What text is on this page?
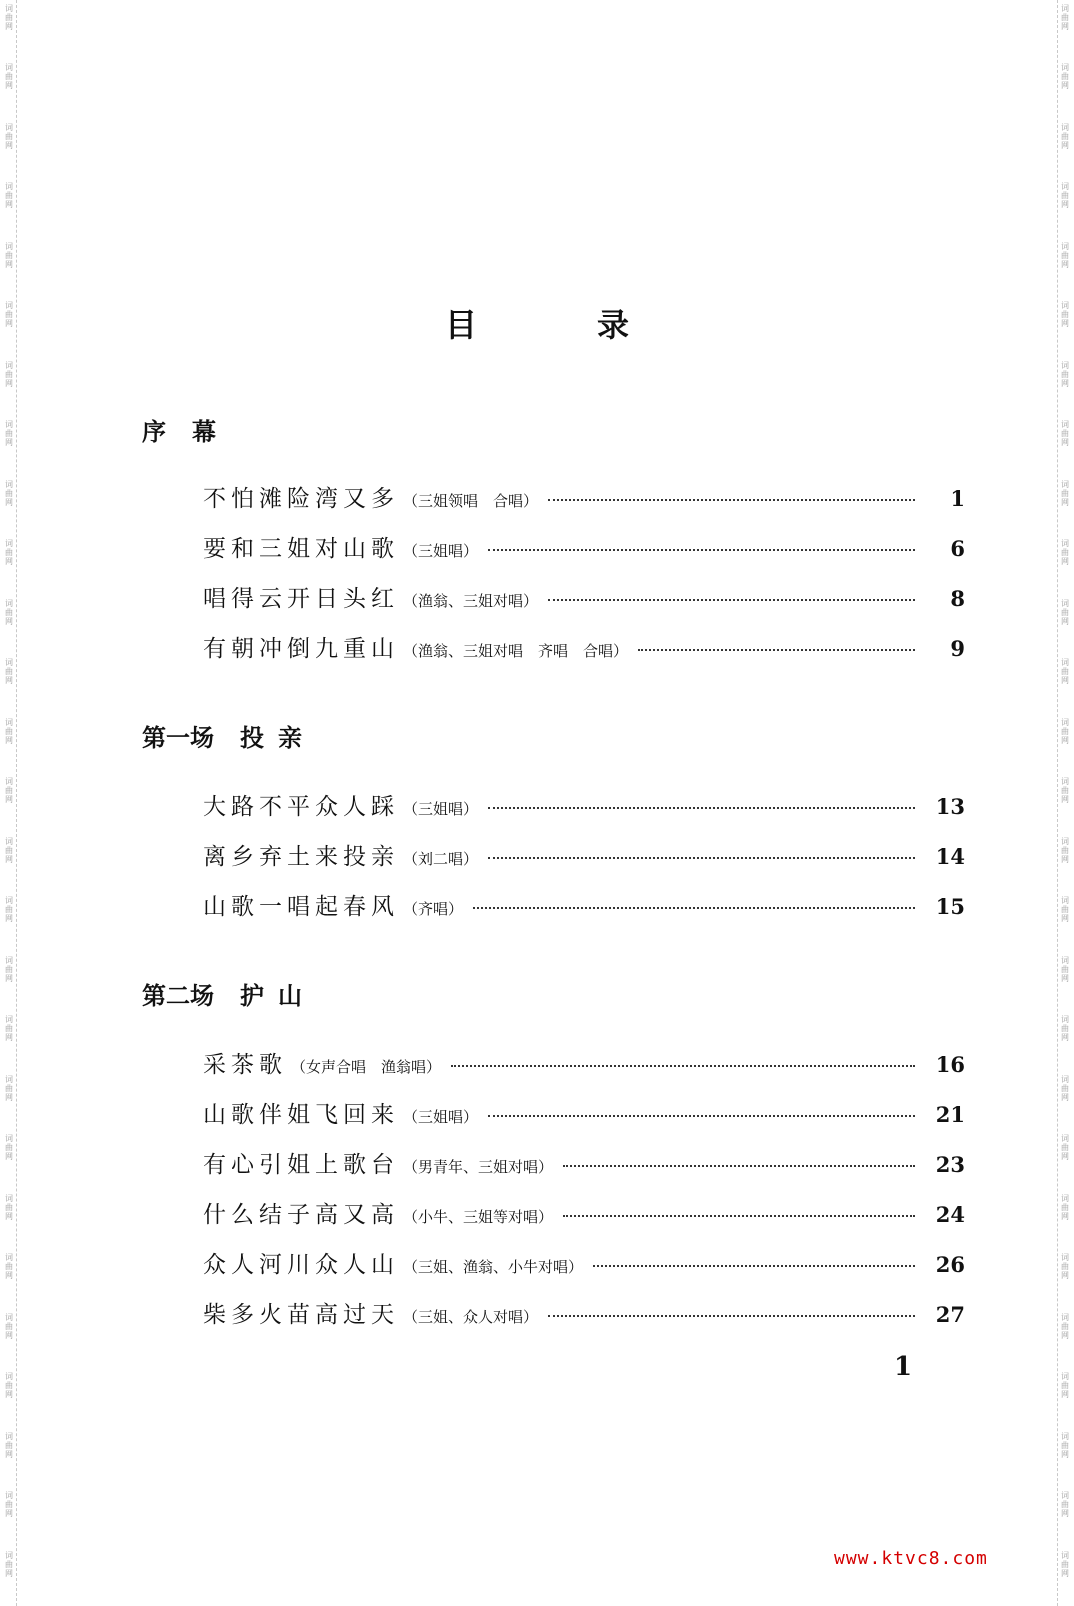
词
曲
网
词
曲
网
词
曲
网
词
曲
网
词
曲
网
词
曲
网
词
曲
网
词
曲
网
词
曲
网
词
曲
网
词
曲
网
词
曲
网
词
曲
网
词
曲
网
词
曲
网
词
曲
网
词
曲
网
词
曲
网
词
曲
网
词
曲
网
词
曲
网
词
曲
网
词
曲
网
词
曲
网
词
曲
网
词
曲
网
词
曲
网
词
曲
网
词
曲
网
词
曲
网
词
曲
网
词
曲
网
词
曲
网
词
曲
网
词
曲
网
词
曲
网
词
曲
网
词
曲
网
词
曲
网
词
曲
网
词
曲
网
词
曲
网
词
曲
网
词
曲
网
词
曲
网
词
曲
网
词
曲
网
词
曲
网
词
曲
网
词
曲
网
词
曲
网
词
曲
网
词
曲
网
词
曲
网
目	录
序 幕
不怕滩险湾又多 （三姐领唱　合唱）	1
要和三姐对山歌 （三姐唱）	6
唱得云开日头红 （渔翁、三姐对唱）	8
有朝冲倒九重山 （渔翁、三姐对唱　齐唱　合唱）	9
第一场 投亲
大路不平众人踩 （三姐唱）	13
离乡弃土来投亲 （刘二唱）	14
山歌一唱起春风 （齐唱）	15
第二场 护山
采茶歌 （女声合唱　渔翁唱）	16
山歌伴姐飞回来 （三姐唱）	21
有心引姐上歌台 （男青年、三姐对唱）	23
什么结子高又高 （小牛、三姐等对唱）	24
众人河川众人山 （三姐、渔翁、小牛对唱）	26
柴多火苗高过天 （三姐、众人对唱）	27
1
www.ktvc8.com
